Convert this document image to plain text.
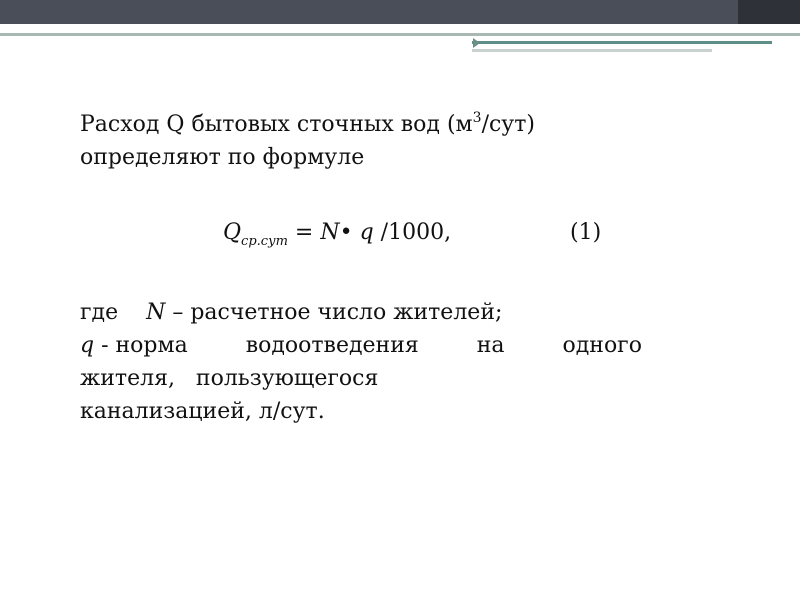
Расход Q бытовых сточных вод $(м^3/сут)$
определяют по формуле

$Q_{ср.сут}$ = N• q /1000,	(1)
где N – расчетное число жителей;
q - норма	водоотведения	на	одного
жителя,   пользующегося
канализацией, л/сут.
